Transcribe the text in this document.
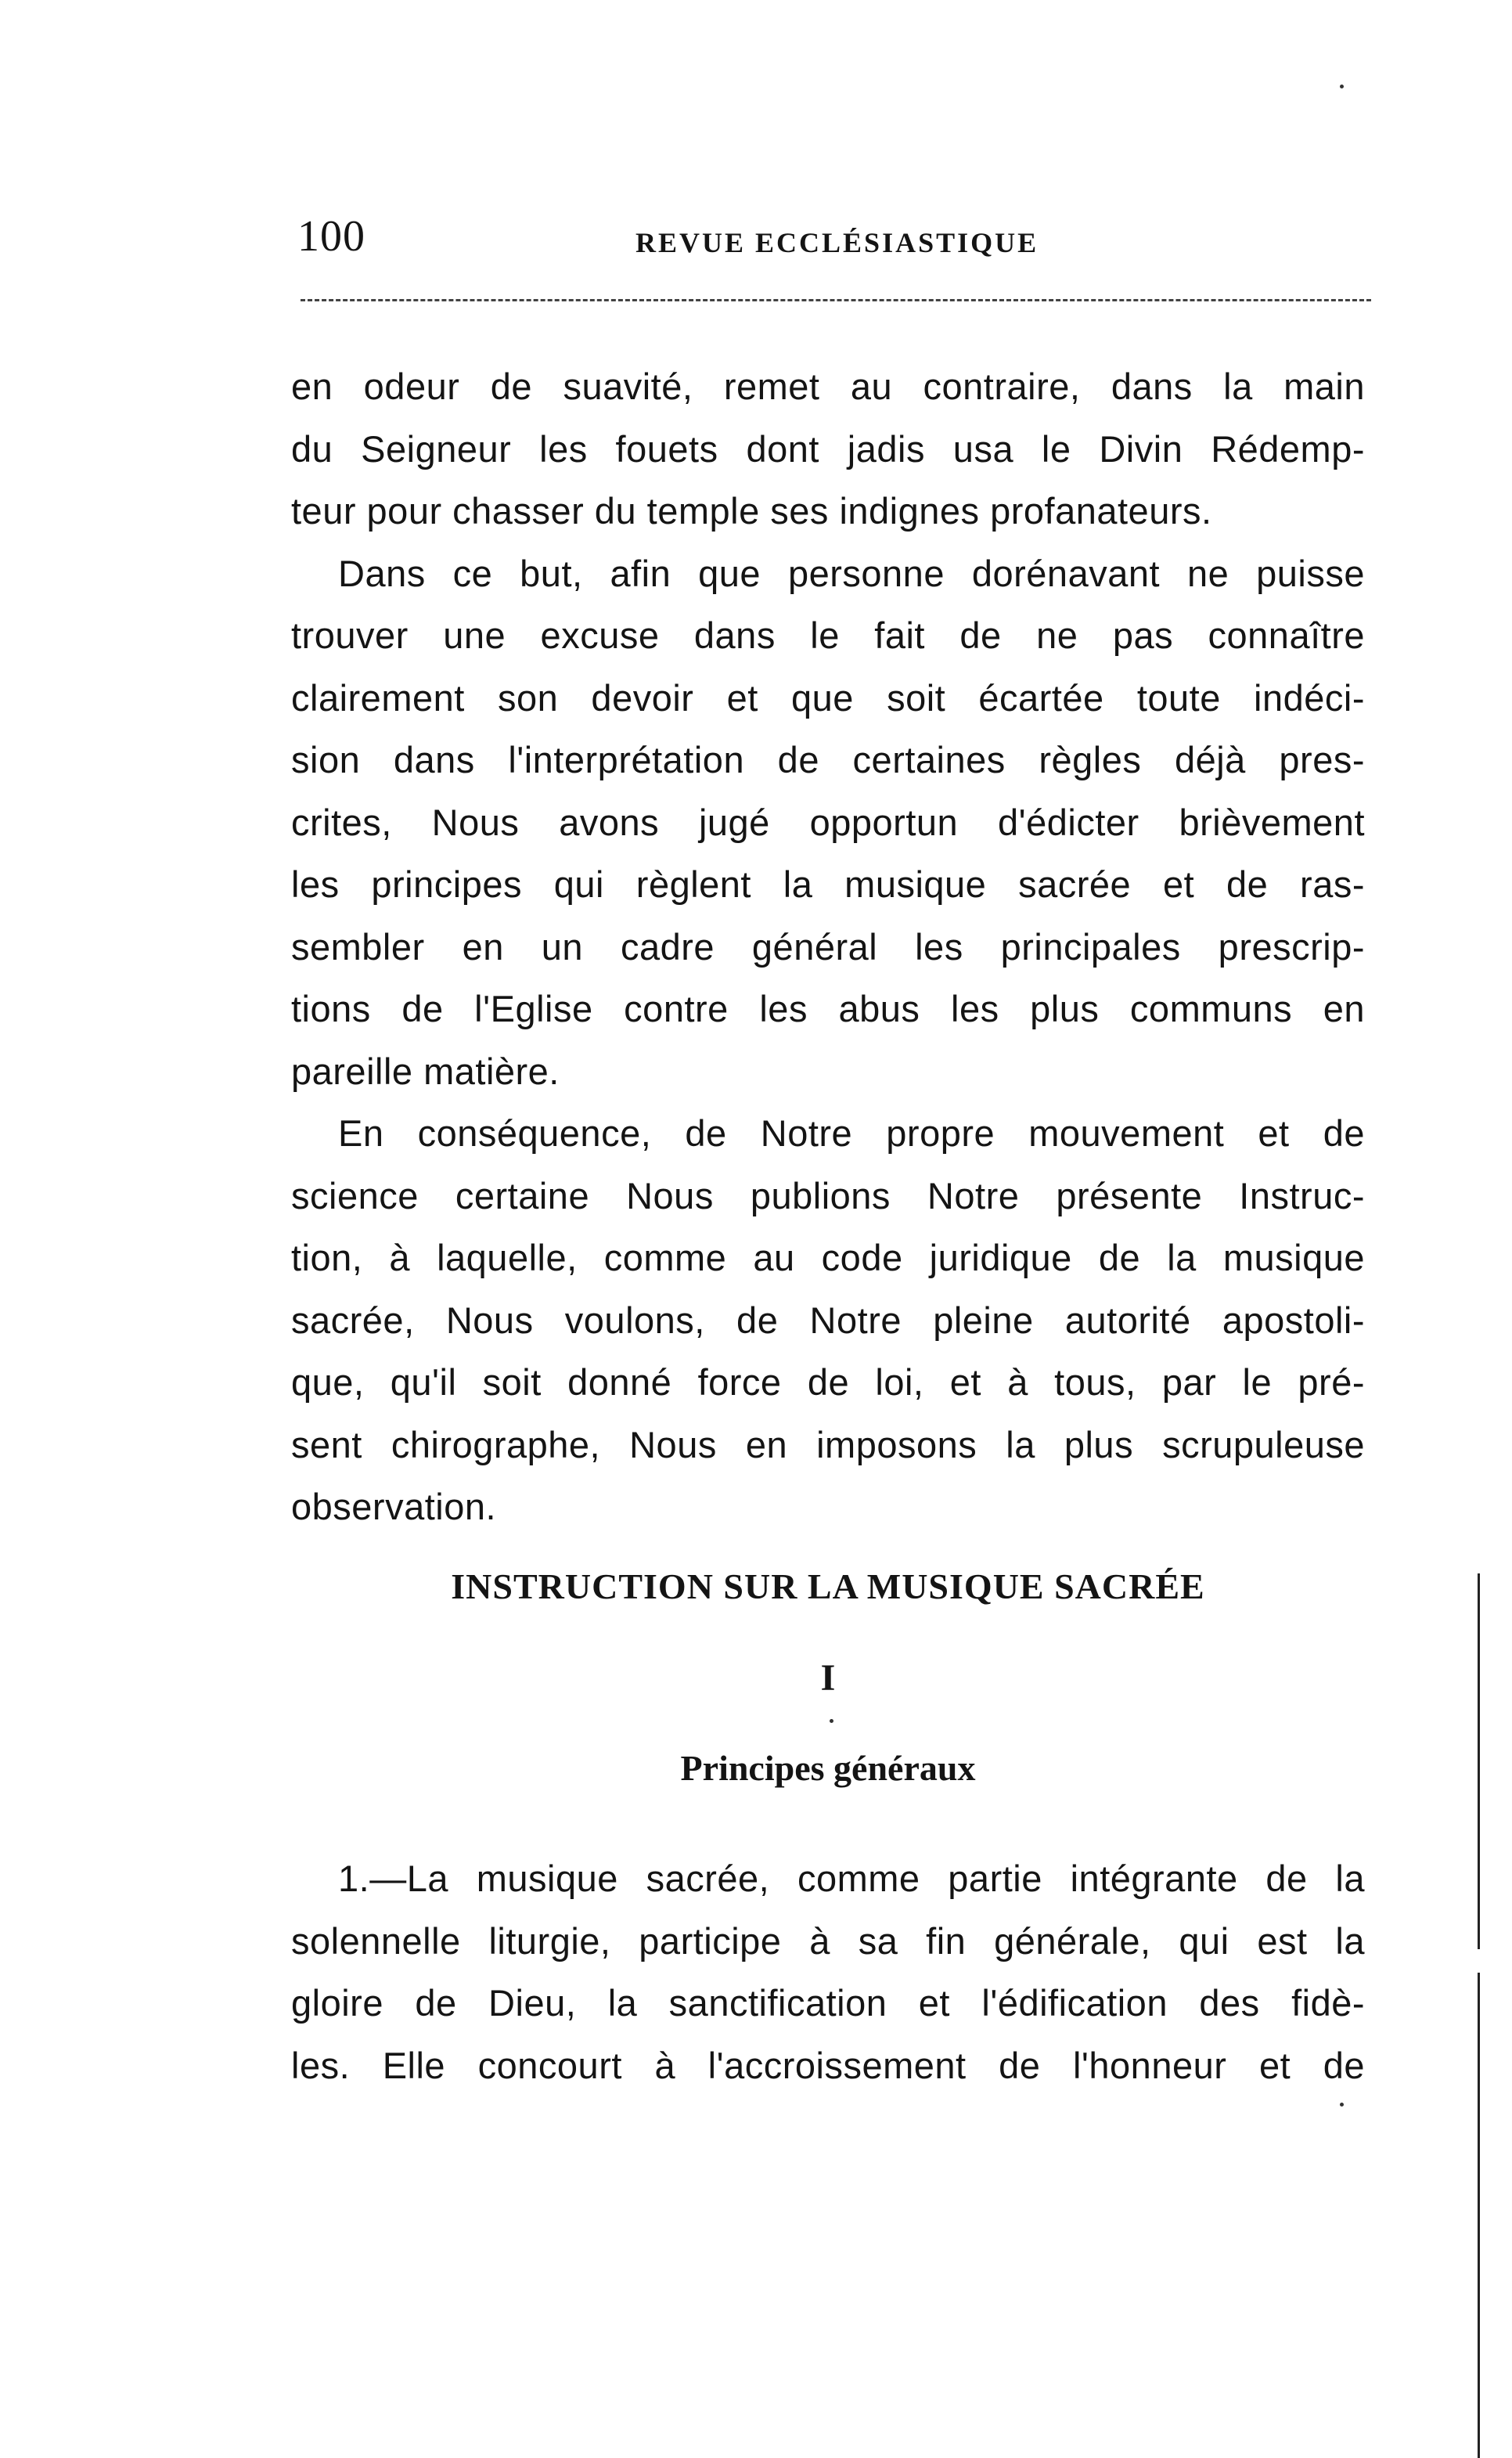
100	REVUE ECCLÉSIASTIQUE
en odeur de suavité, remet au contraire, dans la main
du Seigneur les fouets dont jadis usa le Divin Rédemp-
teur pour chasser du temple ses indignes profanateurs.
Dans ce but, afin que personne dorénavant ne puisse
trouver une excuse dans le fait de ne pas connaître
clairement son devoir et que soit écartée toute indéci-
sion dans l'interprétation de certaines règles déjà pres-
crites, Nous avons jugé opportun d'édicter brièvement
les principes qui règlent la musique sacrée et de ras-
sembler en un cadre général les principales prescrip-
tions de l'Eglise contre les abus les plus communs en
pareille matière.
En conséquence, de Notre propre mouvement et de
science certaine Nous publions Notre présente Instruc-
tion, à laquelle, comme au code juridique de la musique
sacrée, Nous voulons, de Notre pleine autorité apostoli-
que, qu'il soit donné force de loi, et à tous, par le pré-
sent chirographe, Nous en imposons la plus scrupuleuse
observation.
INSTRUCTION SUR LA MUSIQUE SACRÉE
I
Principes généraux
1.—La musique sacrée, comme partie intégrante de la
solennelle liturgie, participe à sa fin générale, qui est la
gloire de Dieu, la sanctification et l'édification des fidè-
les. Elle concourt à l'accroissement de l'honneur et de
